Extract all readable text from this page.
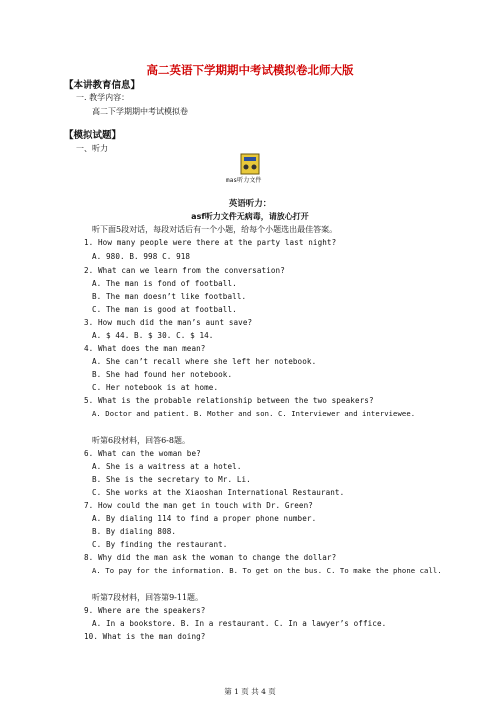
高二英语下学期期中考试模拟卷北师大版
【本讲教育信息】
一. 教学内容：
高二下学期期中考试模拟卷
【模拟试题】
一、听力
mas听力文件
英语听力：
asf听力文件无病毒，请放心打开
听下面5段对话，每段对话后有一个小题，给每个小题选出最佳答案。
1. How many people were there at the party last night?
A. 980. B. 998 C. 918
2. What can we learn from the conversation?
A. The man is fond of football.
B. The man doesn’t like football.
C. The man is good at football.
3. How much did the man’s aunt save?
A. $ 44. B. $ 30. C. $ 14.
4. What does the man mean?
A. She can’t recall where she left her notebook.
B. She had found her notebook.
C. Her notebook is at home.
5. What is the probable relationship between the two speakers?
A. Doctor and patient. B. Mother and son. C. Interviewer and interviewee.
听第6段材料，回答6-8题。
6. What can the woman be?
A. She is a waitress at a hotel.
B. She is the secretary to Mr. Li.
C. She works at the Xiaoshan International Restaurant.
7. How could the man get in touch with Dr. Green?
A. By dialing 114 to find a proper phone number.
B. By dialing 808.
C. By finding the restaurant.
8. Why did the man ask the woman to change the dollar?
A. To pay for the information. B. To get on the bus. C. To make the phone call.
听第7段材料，回答第9-11题。
9. Where are the speakers?
A. In a bookstore. B. In a restaurant. C. In a lawyer’s office.
10. What is the man doing?
第 1 页 共 4 页
